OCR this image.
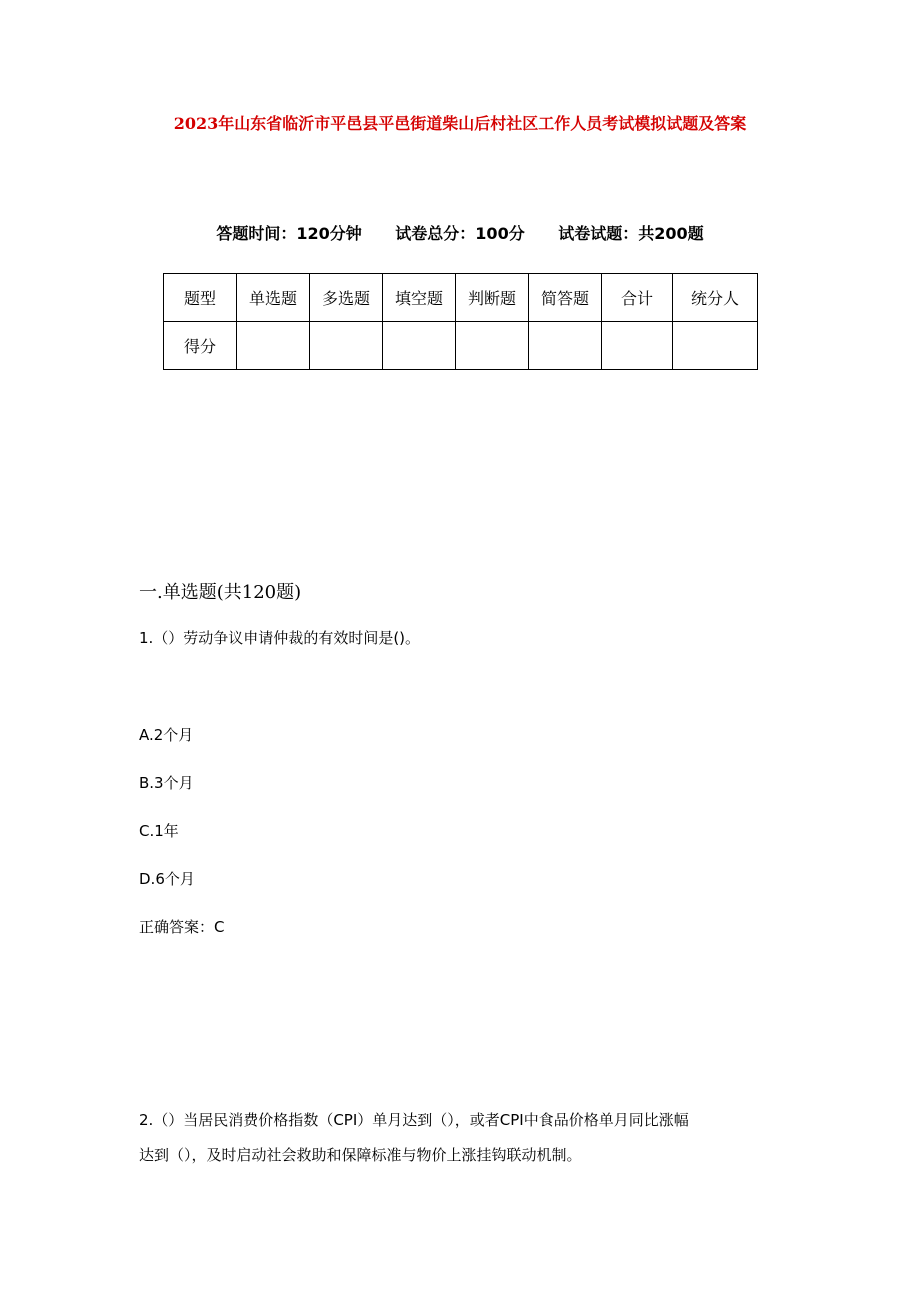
2023年山东省临沂市平邑县平邑街道柴山后村社区工作人员考试模拟试题及答案
答题时间：120分钟 试卷总分：100分 试卷试题：共200题
题型	单选题	多选题	填空题	判断题	简答题	合计	统分人
得分							
一.单选题(共120题)
1.（）劳动争议申请仲裁的有效时间是()。
A.2个月
B.3个月
C.1年
D.6个月
正确答案：C
2.（）当居民消费价格指数（CPI）单月达到（），或者CPI中食品价格单月同比涨幅
达到（），及时启动社会救助和保障标准与物价上涨挂钩联动机制。
